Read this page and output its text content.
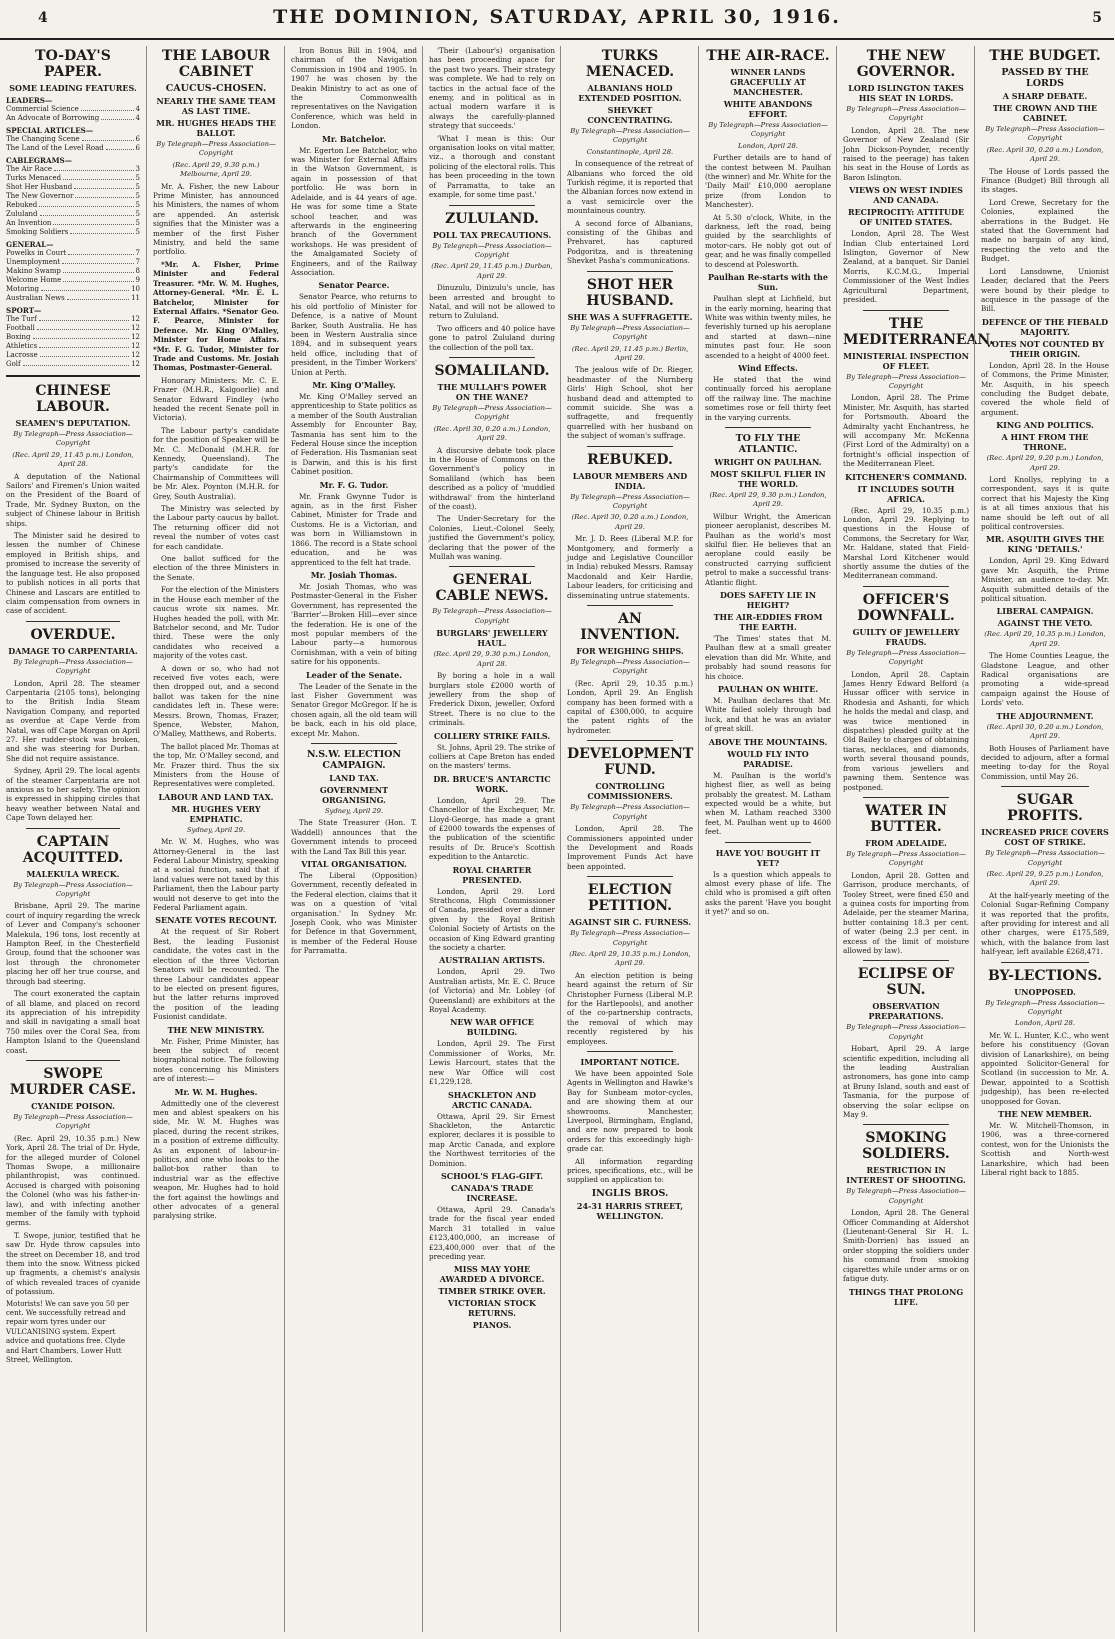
4	THE DOMINION, SATURDAY, APRIL 30, 1916.	5
TO-DAY'S PAPER.
SOME LEADING FEATURES.
LEADERS—
Commercial Science	4
An Advocate of Borrowing	4
SPECIAL ARTICLES—
The Changing Scene	6
The Land of the Level Road	6
CABLEGRAMS—
The Air Race	3
Turks Menaced	5
Shot Her Husband	5
The New Governor	5
Rebuked	5
Zululand	5
An Invention	5
Smoking Soldiers	5
GENERAL—
Powelks in Court	7
Unemployment	7
Makino Swamp	8
Welcome Home	9
Motoring	10
Australian News	11
SPORT—
The Turf	12
Football	12
Boxing	12
Athletics	12
Lacrosse	12
Golf	12
CHINESE LABOUR.
SEAMEN'S DEPUTATION.

By Telegraph—Press Association—Copyright

(Rec. April 29, 11.45 p.m.) London, April 28.

A deputation of the National Sailors' and Firemen's Union waited on the President of the Board of Trade, Mr. Sydney Buxton, on the subject of Chinese labour in British ships.

The Minister said he desired to lessen the number of Chinese employed in British ships, and promised to increase the severity of the language test. He also proposed to publish notices in all ports that Chinese and Lascars are entitled to claim compensation from owners in case of accident.

OVERDUE.
DAMAGE TO CARPENTARIA.

By Telegraph—Press Association—Copyright

London, April 28. The steamer Carpentaria (2105 tons), belonging to the British India Steam Navigation Company, and reported as overdue at Cape Verde from Natal, was off Cape Morgan on April 27. Her rudder-stock was broken, and she was steering for Durban. She did not require assistance.

Sydney, April 29. The local agents of the steamer Carpentaria are not anxious as to her safety. The opinion is expressed in shipping circles that heavy weather between Natal and Cape Town delayed her.

CAPTAIN ACQUITTED.
MALEKULA WRECK.

By Telegraph—Press Association—Copyright

Brisbane, April 29. The marine court of inquiry regarding the wreck of Lever and Company's schooner Malekula, 196 tons, lost recently at Hampton Reef, in the Chesterfield Group, found that the schooner was lost through the chronometer placing her off her true course, and through bad steering.

The court exonerated the captain of all blame, and placed on record its appreciation of his intrepidity and skill in navigating a small boat 750 miles over the Coral Sea, from Hampton Island to the Queensland coast.

SWOPE MURDER CASE.
CYANIDE POISON.

By Telegraph—Press Association—Copyright

(Rec. April 29, 10.35 p.m.) New York, April 28. The trial of Dr. Hyde, for the alleged murder of Colonel Thomas Swope, a millionaire philanthropist, was continued. Accused is charged with poisoning the Colonel (who was his father-in-law), and with infecting another member of the family with typhoid germs.

T. Swope, junior, testified that he saw Dr. Hyde throw capsules into the street on December 18, and trod them into the snow. Witness picked up fragments, a chemist's analysis of which revealed traces of cyanide of potassium.

Motorists! We can save you 50 per cent. We successfully retread and repair worn tyres under our VULCANISING system. Expert advice and quotations free. Clyde and Hart Chambers, Lower Hutt Street, Wellington.

THE LABOUR CABINET
CAUCUS-CHOSEN.
NEARLY THE SAME TEAM AS LAST TIME.
MR. HUGHES HEADS THE BALLOT.

By Telegraph—Press Association—Copyright

(Rec. April 29, 9.30 p.m.) Melbourne, April 29.

Mr. A. Fisher, the new Labour Prime Minister, has announced his Ministers, the names of whom are appended. An asterisk signifies that the Minister was a member of the first Fisher Ministry, and held the same portfolio.

*Mr. A. Fisher, Prime Minister and Federal Treasurer. *Mr. W. M. Hughes, Attorney-General. *Mr. E. L. Batchelor, Minister for External Affairs. *Senator Geo. F. Pearce, Minister for Defence. Mr. King O'Malley, Minister for Home Affairs. *Mr. F. G. Tudor, Minister for Trade and Customs. Mr. Josiah Thomas, Postmaster-General.

Honorary Ministers: Mr. C. E. Frazer (M.H.R., Kalgoorlie) and Senator Edward Findley (who headed the recent Senate poll in Victoria).

The Labour party's candidate for the position of Speaker will be Mr. C. McDonald (M.H.R. for Kennedy, Queensland). The party's candidate for the Chairmanship of Committees will be Mr. Alex. Poynton (M.H.R. for Grey, South Australia).

The Ministry was selected by the Labour party caucus by ballot. The returning officer did not reveal the number of votes cast for each candidate.

One ballot sufficed for the election of the three Ministers in the Senate.

For the election of the Ministers in the House each member of the caucus wrote six names. Mr. Hughes headed the poll, with Mr. Batchelor second, and Mr. Tudor third. These were the only candidates who received a majority of the votes cast.

A down or so, who had not received five votes each, were then dropped out, and a second ballot was taken for the nine candidates left in. These were: Messrs. Brown, Thomas, Frazer, Spence, Webster, Mahon, O'Malley, Matthews, and Roberts.

The ballot placed Mr. Thomas at the top, Mr. O'Malley second, and Mr. Frazer third. Thus the six Ministers from the House of Representatives were completed.

LABOUR AND LAND TAX.
MR. HUGHES VERY EMPHATIC.

Sydney, April 29.

Mr. W. M. Hughes, who was Attorney-General in the last Federal Labour Ministry, speaking at a social function, said that if land values were not taxed by this Parliament, then the Labour party would not deserve to get into the Federal Parliament again.

SENATE VOTES RECOUNT.

At the request of Sir Robert Best, the leading Fusionist candidate, the votes cast in the election of the three Victorian Senators will be recounted. The three Labour candidates appear to be elected on present figures, but the latter returns improved the position of the leading Fusionist candidate.

THE NEW MINISTRY.

Mr. Fisher, Prime Minister, has been the subject of recent biographical notice. The following notes concerning his Ministers are of interest:—

Mr. W. M. Hughes.

Admittedly one of the cleverest men and ablest speakers on his side, Mr. W. M. Hughes was placed, during the recent strikes, in a position of extreme difficulty. As an exponent of labour-in-politics, and one who looks to the ballot-box rather than to industrial war as the effective weapon, Mr. Hughes had to hold the fort against the howlings and other advocates of a general paralysing strike.

Iron Bonus Bill in 1904, and chairman of the Navigation Commission in 1904 and 1905. In 1907 he was chosen by the Deakin Ministry to act as one of the Commonwealth representatives on the Navigation Conference, which was held in London.

Mr. Batchelor.

Mr. Egerton Lee Batchelor, who was Minister for External Affairs in the Watson Government, is again in possession of that portfolio. He was born in Adelaide, and is 44 years of age. He was for some time a State school teacher, and was afterwards in the engineering branch of the Government workshops. He was president of the Amalgamated Society of Engineers, and of the Railway Association.

Senator Pearce.

Senator Pearce, who returns to his old portfolio of Minister for Defence, is a native of Mount Barker, South Australia. He has been in Western Australia since 1894, and in subsequent years held office, including that of president, in the Timber Workers' Union at Perth.

Mr. King O'Malley.

Mr. King O'Malley served an apprenticeship to State politics as a member of the South Australian Assembly for Encounter Bay, Tasmania has sent him to the Federal House since the inception of Federation. His Tasmanian seat is Darwin, and this is his first Cabinet position.

Mr. F. G. Tudor.

Mr. Frank Gwynne Tudor is again, as in the first Fisher Cabinet, Minister for Trade and Customs. He is a Victorian, and was born in Williamstown in 1866. The record is a State school education, and he was apprenticed to the felt hat trade.

Mr. Josiah Thomas.

Mr. Josiah Thomas, who was Postmaster-General in the Fisher Government, has represented the 'Barrier'—Broken Hill—ever since the federation. He is one of the most popular members of the Labour party—a humorous Cornishman, with a vein of biting satire for his opponents.

Leader of the Senate.

The Leader of the Senate in the last Fisher Government was Senator Gregor McGregor. If he is chosen again, all the old team will be back, each in his old place, except Mr. Mahon.

N.S.W. ELECTION CAMPAIGN.
LAND TAX.
GOVERNMENT ORGANISING.

Sydney, April 29.

The State Treasurer (Hon. T. Waddell) announces that the Government intends to proceed with the Land Tax Bill this year.

VITAL ORGANISATION.

The Liberal (Opposition) Government, recently defeated in the Federal election, claims that it was on a question of 'vital organisation.' In Sydney Mr. Joseph Cook, who was Minister for Defence in that Government, is member of the Federal House for Parramatta.

'Their (Labour's) organisation has been proceeding apace for the past two years. Their strategy was complete. We had to rely on tactics in the actual face of the enemy, and in political as in actual modern warfare it is always the carefully-planned strategy that succeeds.'

'What I mean is this: Our organisation looks on vital matter, viz., a thorough and constant policing of the electoral rolls. This has been proceeding in the town of Parramatta, to take an example, for some time past.'

ZULULAND.
POLL TAX PRECAUTIONS.

By Telegraph—Press Association—Copyright

(Rec. April 29, 11.45 p.m.) Durban, April 29.

Dinuzulu, Dinizulu's uncle, has been arrested and brought to Natal, and will not be allowed to return to Zululand.

Two officers and 40 police have gone to patrol Zululand during the collection of the poll tax.

SOMALILAND.
THE MULLAH'S POWER ON THE WANE?

By Telegraph—Press Association—Copyright

(Rec. April 30, 0.20 a.m.) London, April 29.

A discursive debate took place in the House of Commons on the Government's policy in Somaliland (which has been described as a policy of 'muddled withdrawal' from the hinterland of the coast).

The Under-Secretary for the Colonies, Lieut.-Colonel Seely, justified the Government's policy, declaring that the power of the Mullah was waning.

GENERAL CABLE NEWS.

By Telegraph—Press Association—Copyright

BURGLARS' JEWELLERY HAUL.

(Rec. April 29, 9.30 p.m.) London, April 28.

By boring a hole in a wall burglars stole £2000 worth of jewellery from the shop of Frederick Dixon, jeweller, Oxford Street. There is no clue to the criminals.

COLLIERY STRIKE FAILS.

St. Johns, April 29. The strike of colliers at Cape Breton has ended on the masters' terms.

DR. BRUCE'S ANTARCTIC WORK.

London, April 29. The Chancellor of the Exchequer, Mr. Lloyd-George, has made a grant of £2000 towards the expenses of the publication of the scientific results of Dr. Bruce's Scottish expedition to the Antarctic.

ROYAL CHARTER PRESENTED.

London, April 29. Lord Strathcona, High Commissioner of Canada, presided over a dinner given by the Royal British Colonial Society of Artists on the occasion of King Edward granting the society a charter.

AUSTRALIAN ARTISTS.

London, April 29. Two Australian artists, Mr. E. C. Bruce (of Victoria) and Mr. Lobley (of Queensland) are exhibitors at the Royal Academy.

NEW WAR OFFICE BUILDING.

London, April 29. The First Commissioner of Works, Mr. Lewis Harcourt, states that the new War Office will cost £1,229,128.

SHACKLETON AND ARCTIC CANADA.

Ottawa, April 29. Sir Ernest Shackleton, the Antarctic explorer, declares it is possible to map Arctic Canada, and explore the Northwest territories of the Dominion.

SCHOOL'S FLAG-GIFT.
CANADA'S TRADE INCREASE.

Ottawa, April 29. Canada's trade for the fiscal year ended March 31 totalled in value £123,400,000, an increase of £23,400,000 over that of the preceding year.

MISS MAY YOHE AWARDED A DIVORCE.
TIMBER STRIKE OVER.
VICTORIAN STOCK RETURNS.
PIANOS.
TURKS MENACED.
ALBANIANS HOLD EXTENDED POSITION.
SHEVKET CONCENTRATING.

By Telegraph—Press Association—Copyright

Constantinople, April 28.

In consequence of the retreat of Albanians who forced the old Turkish régime, it is reported that the Albanian forces now extend in a vast semicircle over the mountainous country.

A second force of Albanians, consisting of the Ghibas and Prehvaret, has captured Podgoritza, and is threatening Shevket Pasha's communications.

SHOT HER HUSBAND.
SHE WAS A SUFFRAGETTE.

By Telegraph—Press Association—Copyright

(Rec. April 29, 11.45 p.m.) Berlin, April 29.

The jealous wife of Dr. Rieger, headmaster of the Nurnberg Girls' High School, shot her husband dead and attempted to commit suicide. She was a suffragette, and frequently quarrelled with her husband on the subject of woman's suffrage.

REBUKED.
LABOUR MEMBERS AND INDIA.

By Telegraph—Press Association—Copyright

(Rec. April 30, 0.20 a.m.) London, April 29.

Mr. J. D. Rees (Liberal M.P. for Montgomery, and formerly a judge and Legislative Councillor in India) rebuked Messrs. Ramsay Macdonald and Keir Hardie, Labour leaders, for criticising and disseminating untrue statements.

AN INVENTION.
FOR WEIGHING SHIPS.

By Telegraph—Press Association—Copyright

(Rec. April 29, 10.35 p.m.) London, April 29. An English company has been formed with a capital of £300,000, to acquire the patent rights of the hydrometer.

DEVELOPMENT FUND.
CONTROLLING COMMISSIONERS.

By Telegraph—Press Association—Copyright

London, April 28. The Commissioners appointed under the Development and Roads Improvement Funds Act have been appointed.

ELECTION PETITION.
AGAINST SIR C. FURNESS.

By Telegraph—Press Association—Copyright

(Rec. April 29, 10.35 p.m.) London, April 29.

An election petition is being heard against the return of Sir Christopher Furness (Liberal M.P. for the Hartlepools), and another of the co-partnership contracts, the removal of which may recently registered by his employees.

IMPORTANT NOTICE.

We have been appointed Sole Agents in Wellington and Hawke's Bay for Sunbeam motor-cycles, and are showing them at our showrooms. Manchester, Liverpool, Birmingham, England, and are now prepared to book orders for this exceedingly high-grade car.

All information regarding prices, specifications, etc., will be supplied on application to:

INGLIS BROS.
24-31 HARRIS STREET, WELLINGTON.
THE AIR-RACE.
WINNER LANDS GRACEFULLY AT MANCHESTER.
WHITE ABANDONS EFFORT.

By Telegraph—Press Association—Copyright

London, April 28.

Further details are to hand of the contest between M. Paulhan (the winner) and Mr. White for the 'Daily Mail' £10,000 aeroplane prize (from London to Manchester).

At 5.30 o'clock, White, in the darkness, left the road, being guided by the searchlights of motor-cars. He nobly got out of gear, and he was finally compelled to descend at Polesworth.

Paulhan Re-starts with the Sun.

Paulhan slept at Lichfield, but in the early morning, hearing that White was within twenty miles, he feverishly turned up his aeroplane and started at dawn—nine minutes past four. He soon ascended to a height of 4000 feet.

Wind Effects.

He stated that the wind continually forced his aeroplane off the railway line. The machine sometimes rose or fell thirty feet in the varying currents.

TO FLY THE ATLANTIC.
WRIGHT ON PAULHAN.
MOST SKILFUL FLIER IN THE WORLD.

(Rec. April 29, 9.30 p.m.) London, April 29.

Wilbur Wright, the American pioneer aeroplanist, describes M. Paulhan as the world's most skilful flier. He believes that an aeroplane could easily be constructed carrying sufficient petrol to make a successful trans-Atlantic flight.

DOES SAFETY LIE IN HEIGHT?
THE AIR-EDDIES FROM THE EARTH.

'The Times' states that M. Paulhan flew at a small greater elevation than did Mr. White, and probably had sound reasons for his choice.

PAULHAN ON WHITE.

M. Paulhan declares that Mr. White failed solely through bad luck, and that he was an aviator of great skill.

ABOVE THE MOUNTAINS.
WOULD FLY INTO PARADISE.

M. Paulhan is the world's highest flier, as well as being probably the greatest. M. Latham expected would be a white, but when M. Latham reached 3300 feet, M. Paulhan went up to 4600 feet.

HAVE YOU BOUGHT IT YET?

Is a question which appeals to almost every phase of life. The child who is promised a gift often asks the parent 'Have you bought it yet?' and so on.

THE NEW GOVERNOR.
LORD ISLINGTON TAKES HIS SEAT IN LORDS.

By Telegraph—Press Association—Copyright

London, April 28. The new Governor of New Zealand (Sir John Dickson-Poynder, recently raised to the peerage) has taken his seat in the House of Lords as Baron Islington.

VIEWS ON WEST INDIES AND CANADA.
RECIPROCITY: ATTITUDE OF UNITED STATES.

London, April 28. The West Indian Club entertained Lord Islington, Governor of New Zealand, at a banquet. Sir Daniel Morris, K.C.M.G., Imperial Commissioner of the West Indies Agricultural Department, presided.

THE MEDITERRANEAN.
MINISTERIAL INSPECTION OF FLEET.

By Telegraph—Press Association—Copyright

London, April 28. The Prime Minister, Mr. Asquith, has started for Portsmouth. Aboard the Admiralty yacht Enchantress, he will accompany Mr. McKenna (First Lord of the Admiralty) on a fortnight's official inspection of the Mediterranean Fleet.

KITCHENER'S COMMAND.
IT INCLUDES SOUTH AFRICA.

(Rec. April 29, 10.35 p.m.) London, April 29. Replying to questions in the House of Commons, the Secretary for War, Mr. Haldane, stated that Field-Marshal Lord Kitchener would shortly assume the duties of the Mediterranean command.

OFFICER'S DOWNFALL.
GUILTY OF JEWELLERY FRAUDS.

By Telegraph—Press Association—Copyright

London, April 28. Captain James Henry Edward Belford (a Hussar officer with service in Rhodesia and Ashanti, for which he holds the medal and clasp, and was twice mentioned in dispatches) pleaded guilty at the Old Bailey to charges of obtaining tiaras, necklaces, and diamonds, worth several thousand pounds, from various jewellers and pawning them. Sentence was postponed.

WATER IN BUTTER.
FROM ADELAIDE.

By Telegraph—Press Association—Copyright

London, April 28. Gotten and Garrison, produce merchants, of Tooley Street, were fined £50 and a guinea costs for importing from Adelaide, per the steamer Marina, butter containing 18.3 per cent. of water (being 2.3 per cent. in excess of the limit of moisture allowed by law).

ECLIPSE OF SUN.
OBSERVATION PREPARATIONS.

By Telegraph—Press Association—Copyright

Hobart, April 29. A large scientific expedition, including all the leading Australian astronomers, has gone into camp at Bruny Island, south and east of Tasmania, for the purpose of observing the solar eclipse on May 9.

SMOKING SOLDIERS.
RESTRICTION IN INTEREST OF SHOOTING.

By Telegraph—Press Association—Copyright

London, April 28. The General Officer Commanding at Aldershot (Lieutenant-General Sir H. L. Smith-Dorrien) has issued an order stopping the soldiers under his command from smoking cigarettes while under arms or on fatigue duty.

THINGS THAT PROLONG LIFE.
THE BUDGET.
PASSED BY THE LORDS
A SHARP DEBATE.
THE CROWN AND THE CABINET.

By Telegraph—Press Association—Copyright

(Rec. April 30, 0.20 a.m.) London, April 29.

The House of Lords passed the Finance (Budget) Bill through all its stages.

Lord Crewe, Secretary for the Colonies, explained the aberrations in the Budget. He stated that the Government had made no bargain of any kind, respecting the veto and the Budget.

Lord Lansdowne, Unionist Leader, declared that the Peers were bound by their pledge to acquiesce in the passage of the Bill.

DEFENCE OF THE FIEBALD MAJORITY.
VOTES NOT COUNTED BY THEIR ORIGIN.

London, April 28. In the House of Commons, the Prime Minister, Mr. Asquith, in his speech concluding the Budget debate, covered the whole field of argument.

KING AND POLITICS.
A HINT FROM THE THRONE.

(Rec. April 29, 9.20 p.m.) London, April 29.

Lord Knollys, replying to a correspondent, says it is quite correct that his Majesty the King is at all times anxious that his name should be left out of all political controversies.

MR. ASQUITH GIVES THE KING 'DETAILS.'

London, April 29. King Edward gave Mr. Asquith, the Prime Minister, an audience to-day. Mr. Asquith submitted details of the political situation.

LIBERAL CAMPAIGN.
AGAINST THE VETO.

(Rec. April 29, 10.35 p.m.) London, April 29.

The Home Counties League, the Gladstone League, and other Radical organisations are promoting a wide-spread campaign against the House of Lords' veto.

THE ADJOURNMENT.

(Rec. April 30, 0.20 a.m.) London, April 29.

Both Houses of Parliament have decided to adjourn, after a formal meeting to-day for the Royal Commission, until May 26.

SUGAR PROFITS.
INCREASED PRICE COVERS COST OF STRIKE.

By Telegraph—Press Association—Copyright

(Rec. April 29, 9.25 p.m.) London, April 29.

At the half-yearly meeting of the Colonial Sugar-Refining Company it was reported that the profits, after providing for interest and all other charges, were £175,589, which, with the balance from last half-year, left available £268,471.

BY-LECTIONS.
UNOPPOSED.

By Telegraph—Press Association—Copyright

London, April 28.

Mr. W. L. Hunter, K.C., who went before his constituency (Govan division of Lanarkshire), on being appointed Solicitor-General for Scotland (in succession to Mr. A. Dewar, appointed to a Scottish judgeship), has been re-elected unopposed for Govan.

THE NEW MEMBER.

Mr. W. Mitchell-Thomson, in 1906, was a three-cornered contest, won for the Unionists the Scottish and North-west Lanarkshire, which had been Liberal right back to 1885.
